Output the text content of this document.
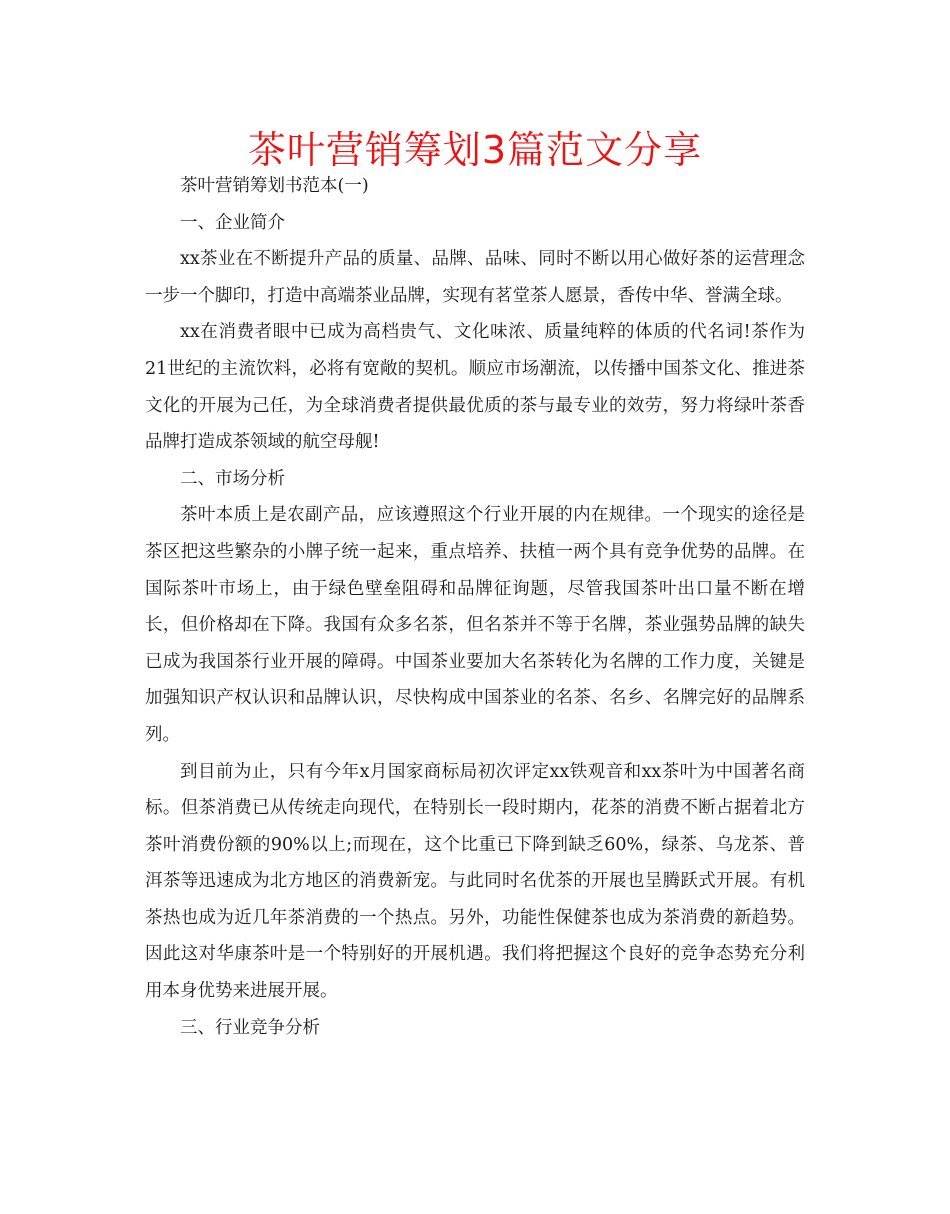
茶叶营销筹划3篇范文分享

茶叶营销筹划书范本(一)

一、企业简介

xx茶业在不断提升产品的质量、品牌、品味、同时不断以用心做好茶的运营理念一步一个脚印，打造中高端茶业品牌，实现有茗堂茶人愿景，香传中华、誉满全球。

xx在消费者眼中已成为高档贵气、文化味浓、质量纯粹的体质的代名词!茶作为21世纪的主流饮料，必将有宽敞的契机。顺应市场潮流，以传播中国茶文化、推进茶文化的开展为己任，为全球消费者提供最优质的茶与最专业的效劳，努力将绿叶茶香品牌打造成茶领域的航空母舰!

二、市场分析

茶叶本质上是农副产品，应该遵照这个行业开展的内在规律。一个现实的途径是茶区把这些繁杂的小牌子统一起来，重点培养、扶植一两个具有竞争优势的品牌。在国际茶叶市场上，由于绿色壁垒阻碍和品牌征询题，尽管我国茶叶出口量不断在增长，但价格却在下降。我国有众多名茶，但名茶并不等于名牌，茶业强势品牌的缺失已成为我国茶行业开展的障碍。中国茶业要加大名茶转化为名牌的工作力度，关键是加强知识产权认识和品牌认识，尽快构成中国茶业的名茶、名乡、名牌完好的品牌系列。

到目前为止，只有今年x月国家商标局初次评定xx铁观音和xx茶叶为中国著名商标。但茶消费已从传统走向现代，在特别长一段时期内，花茶的消费不断占据着北方茶叶消费份额的90%以上;而现在，这个比重已下降到缺乏60%，绿茶、乌龙茶、普洱茶等迅速成为北方地区的消费新宠。与此同时名优茶的开展也呈腾跃式开展。有机茶热也成为近几年茶消费的一个热点。另外，功能性保健茶也成为茶消费的新趋势。因此这对华康茶叶是一个特别好的开展机遇。我们将把握这个良好的竞争态势充分利用本身优势来进展开展。

三、行业竞争分析
